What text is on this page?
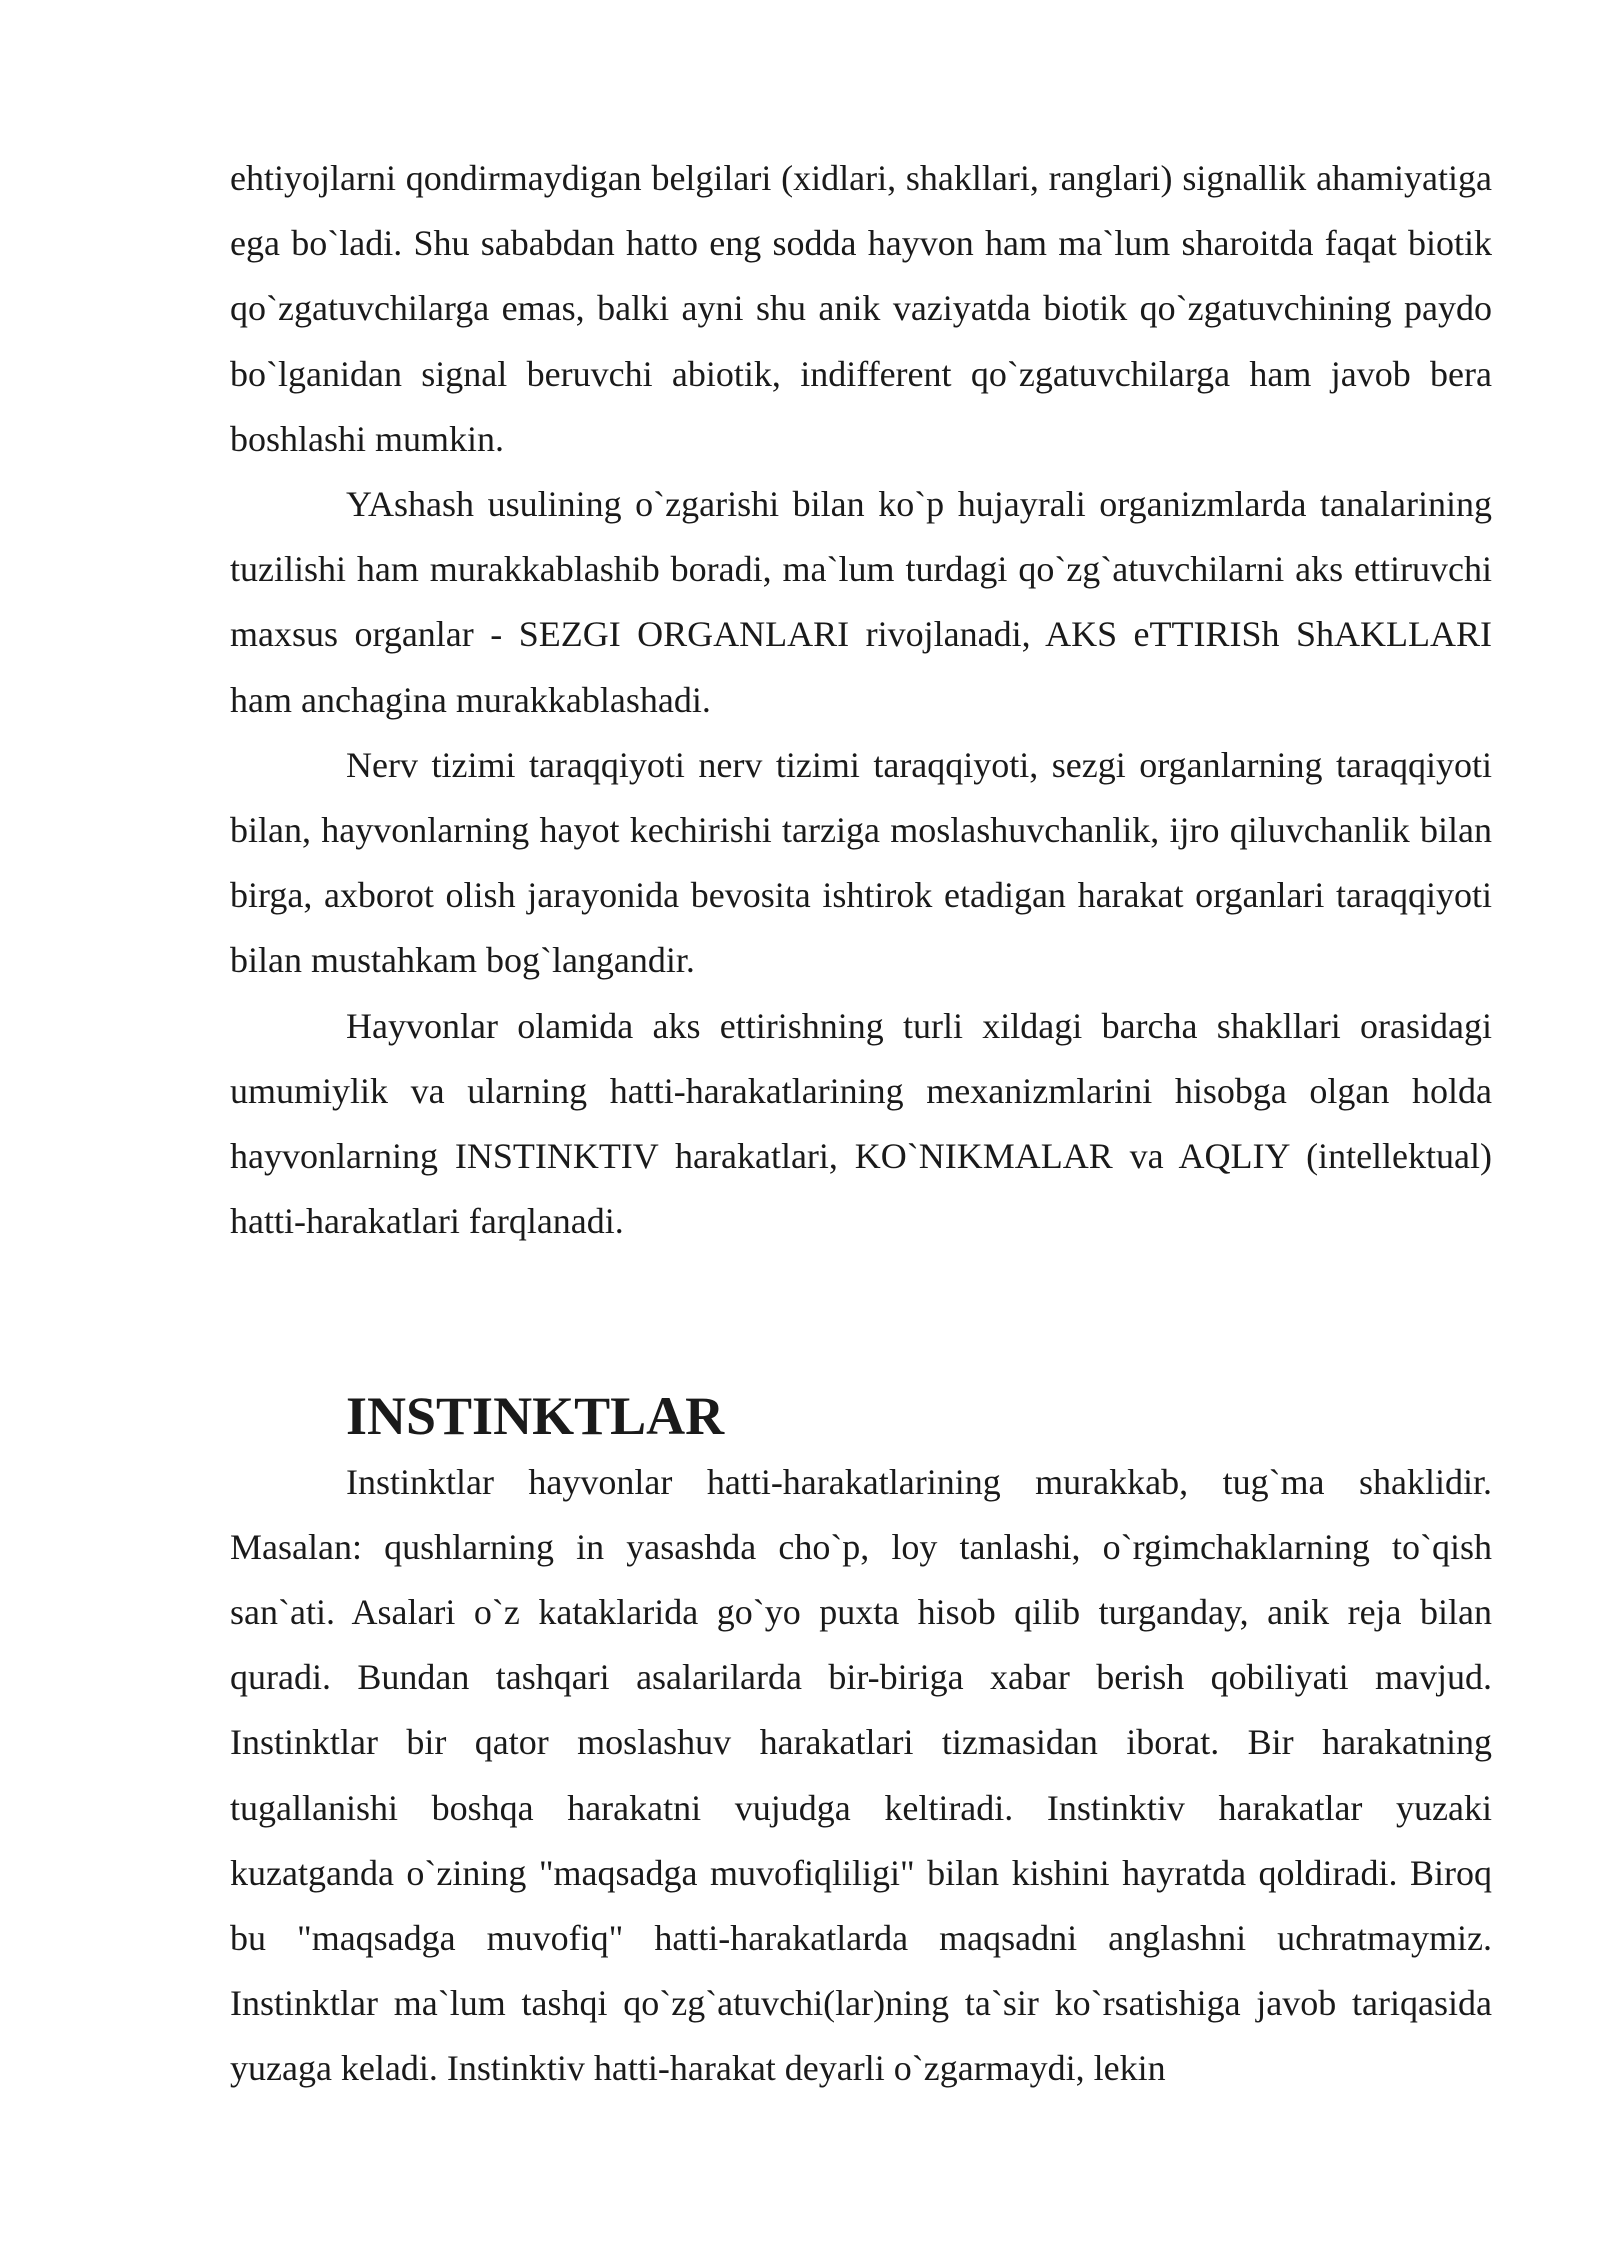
ehtiyojlarni qondirmaydigan belgilari (xidlari, shakllari, ranglari) signallik ahamiyatiga ega bo`ladi. Shu sababdan hatto eng sodda hayvon ham ma`lum sharoitda faqat biotik qo`zgatuvchilarga emas, balki ayni shu anik vaziyatda biotik qo`zgatuvchining paydo bo`lganidan signal beruvchi abiotik, indifferent qo`zgatuvchilarga ham javob bera boshlashi mumkin.

YAshash usulining o`zgarishi bilan ko`p hujayrali organizmlarda tanalarining tuzilishi ham murakkablashib boradi, ma`lum turdagi qo`zg`atuvchilarni aks ettiruvchi maxsus organlar - SEZGI ORGANLARI rivojlanadi, AKS eTTIRISh ShAKLLARI ham anchagina murakkablashadi.

Nerv tizimi taraqqiyoti nerv tizimi taraqqiyoti, sezgi organlarning taraqqiyoti bilan, hayvonlarning hayot kechirishi tarziga moslashuvchanlik, ijro qiluvchanlik bilan birga, axborot olish jarayonida bevosita ishtirok etadigan harakat organlari taraqqiyoti bilan mustahkam bog`langandir.

Hayvonlar olamida aks ettirishning turli xildagi barcha shakllari orasidagi umumiylik va ularning hatti-harakatlarining mexanizmlarini hisobga olgan holda hayvonlarning INSTINKTIV harakatlari, KO`NIKMALAR va AQLIY (intellektual) hatti-harakatlari farqlanadi.

INSTINKTLAR

Instinktlar hayvonlar hatti-harakatlarining murakkab, tug`ma shaklidir. Masalan: qushlarning in yasashda cho`p, loy tanlashi, o`rgimchaklarning to`qish san`ati. Asalari o`z kataklarida go`yo puxta hisob qilib turganday, anik reja bilan quradi. Bundan tashqari asalarilarda bir-biriga xabar berish qobiliyati mavjud. Instinktlar bir qator moslashuv harakatlari tizmasidan iborat. Bir harakatning tugallanishi boshqa harakatni vujudga keltiradi. Instinktiv harakatlar yuzaki kuzatganda o`zining "maqsadga muvofiqliligi" bilan kishini hayratda qoldiradi. Biroq bu "maqsadga muvofiq" hatti-harakatlarda maqsadni anglashni uchratmaymiz. Instinktlar ma`lum tashqi qo`zg`atuvchi(lar)ning ta`sir ko`rsatishiga javob tariqasida yuzaga keladi. Instinktiv hatti-harakat deyarli o`zgarmaydi, lekin
